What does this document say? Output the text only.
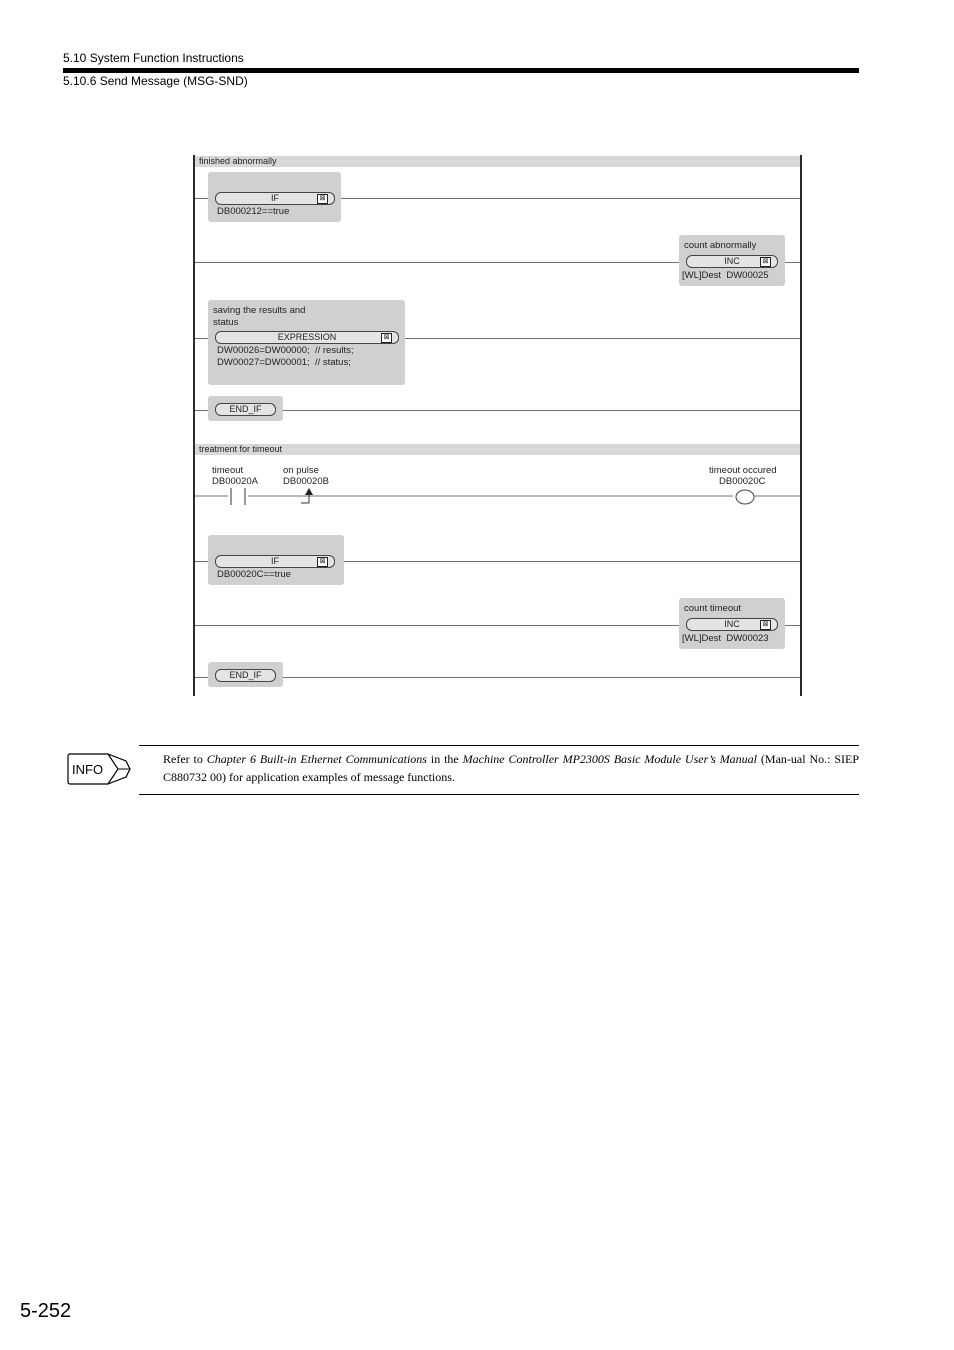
5.10 System Function Instructions
5.10.6 Send Message (MSG-SND)
finished abnormally
IF	⊠
DB000212==true
count abnormally
INC	⊠
[WL]Dest  DW00025
saving the results and
status
EXPRESSION	⊠
DW00026=DW00000;  // results;
DW00027=DW00001;  // status;
END_IF
treatment for timeout
timeout
DB00020A
on pulse
DB00020B
timeout occured
DB00020C
IF	⊠
DB00020C==true
count timeout
INC	⊠
[WL]Dest  DW00023
END_IF
INFO
Refer to Chapter 6 Built-in Ethernet Communications in the Machine Controller MP2300S Basic Module User’s Manual (Man-ual No.: SIEP C880732 00) for application examples of message functions.
5-252
